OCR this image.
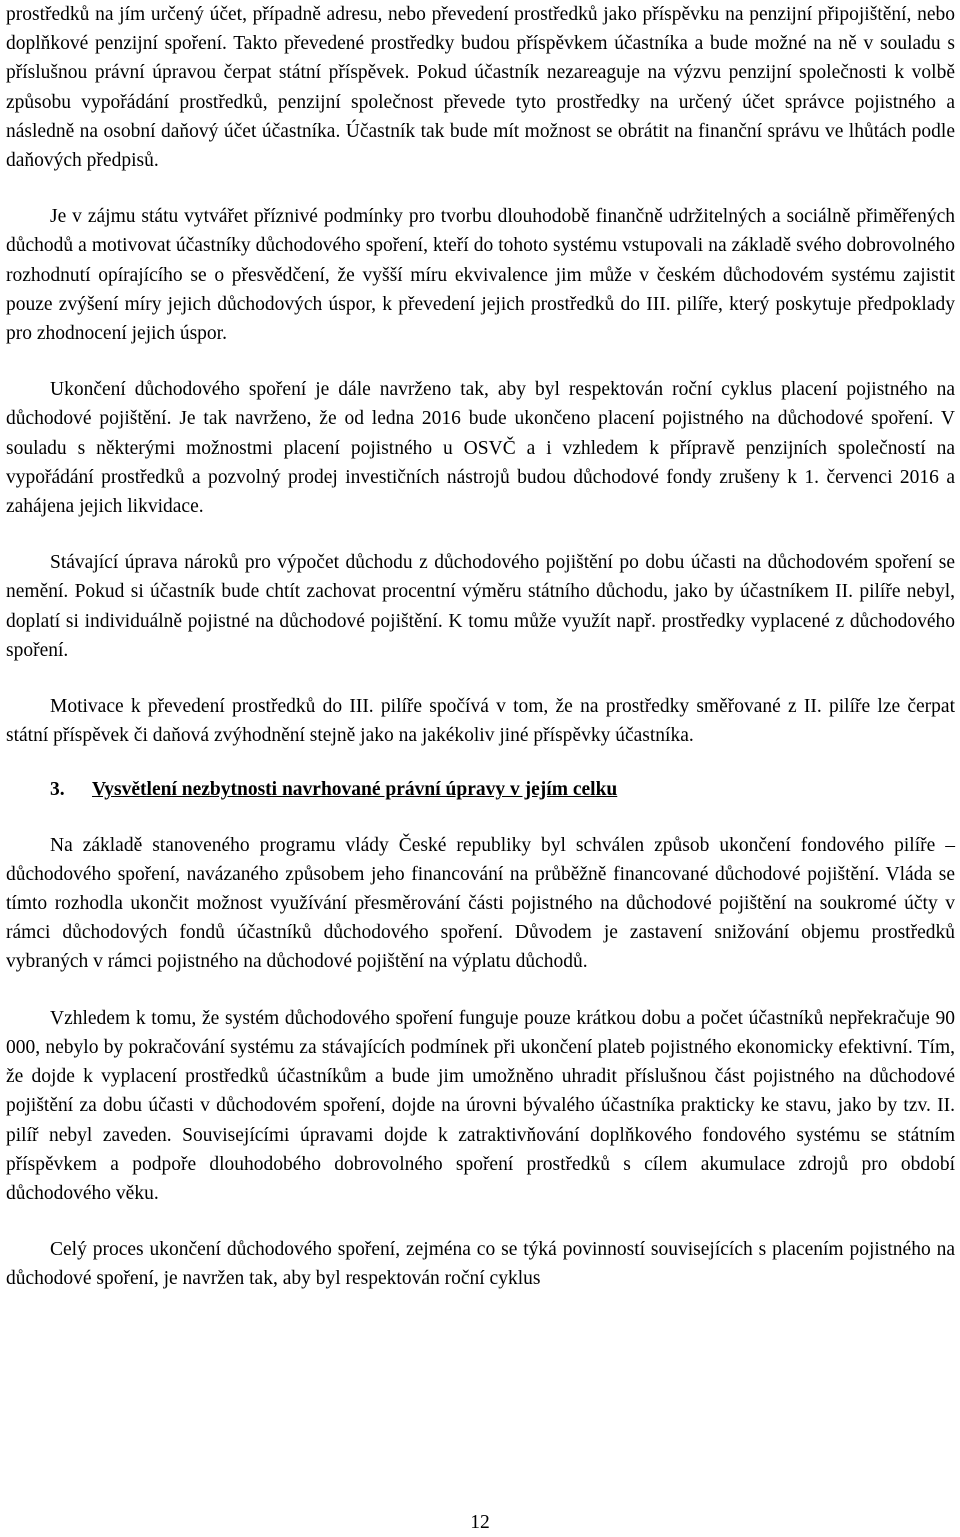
prostředků na jím určený účet, případně adresu, nebo převedení prostředků jako příspěvku na penzijní připojištění, nebo doplňkové penzijní spoření. Takto převedené prostředky budou příspěvkem účastníka a bude možné na ně v souladu s příslušnou právní úpravou čerpat státní příspěvek. Pokud účastník nezareaguje na výzvu penzijní společnosti k volbě způsobu vypořádání prostředků, penzijní společnost převede tyto prostředky na určený účet správce pojistného a následně na osobní daňový účet účastníka. Účastník tak bude mít možnost se obrátit na finanční správu ve lhůtách podle daňových předpisů.

Je v zájmu státu vytvářet příznivé podmínky pro tvorbu dlouhodobě finančně udržitelných a sociálně přiměřených důchodů a motivovat účastníky důchodového spoření, kteří do tohoto systému vstupovali na základě svého dobrovolného rozhodnutí opírajícího se o přesvědčení, že vyšší míru ekvivalence jim může v českém důchodovém systému zajistit pouze zvýšení míry jejich důchodových úspor, k převedení jejich prostředků do III. pilíře, který poskytuje předpoklady pro zhodnocení jejich úspor.

Ukončení důchodového spoření je dále navrženo tak, aby byl respektován roční cyklus placení pojistného na důchodové pojištění. Je tak navrženo, že od ledna 2016 bude ukončeno placení pojistného na důchodové spoření. V souladu s některými možnostmi placení pojistného u OSVČ a i vzhledem k přípravě penzijních společností na vypořádání prostředků a pozvolný prodej investičních nástrojů budou důchodové fondy zrušeny k 1. červenci 2016 a zahájena jejich likvidace.

Stávající úprava nároků pro výpočet důchodu z důchodového pojištění po dobu účasti na důchodovém spoření se nemění. Pokud si účastník bude chtít zachovat procentní výměru státního důchodu, jako by účastníkem II. pilíře nebyl, doplatí si individuálně pojistné na důchodové pojištění. K tomu může využít např. prostředky vyplacené z důchodového spoření.

Motivace k převedení prostředků do III. pilíře spočívá v tom, že na prostředky směřované z II. pilíře lze čerpat státní příspěvek či daňová zvýhodnění stejně jako na jakékoliv jiné příspěvky účastníka.

3. Vysvětlení nezbytnosti navrhované právní úpravy v jejím celku

Na základě stanoveného programu vlády České republiky byl schválen způsob ukončení fondového pilíře – důchodového spoření, navázaného způsobem jeho financování na průběžně financované důchodové pojištění. Vláda se tímto rozhodla ukončit možnost využívání přesměrování části pojistného na důchodové pojištění na soukromé účty v rámci důchodových fondů účastníků důchodového spoření. Důvodem je zastavení snižování objemu prostředků vybraných v rámci pojistného na důchodové pojištění na výplatu důchodů.

Vzhledem k tomu, že systém důchodového spoření funguje pouze krátkou dobu a počet účastníků nepřekračuje 90 000, nebylo by pokračování systému za stávajících podmínek při ukončení plateb pojistného ekonomicky efektivní. Tím, že dojde k vyplacení prostředků účastníkům a bude jim umožněno uhradit příslušnou část pojistného na důchodové pojištění za dobu účasti v důchodovém spoření, dojde na úrovni bývalého účastníka prakticky ke stavu, jako by tzv. II. pilíř nebyl zaveden. Souvisejícími úpravami dojde k zatraktivňování doplňkového fondového systému se státním příspěvkem a podpoře dlouhodobého dobrovolného spoření prostředků s cílem akumulace zdrojů pro období důchodového věku.

Celý proces ukončení důchodového spoření, zejména co se týká povinností souvisejících s placením pojistného na důchodové spoření, je navržen tak, aby byl respektován roční cyklus

12
